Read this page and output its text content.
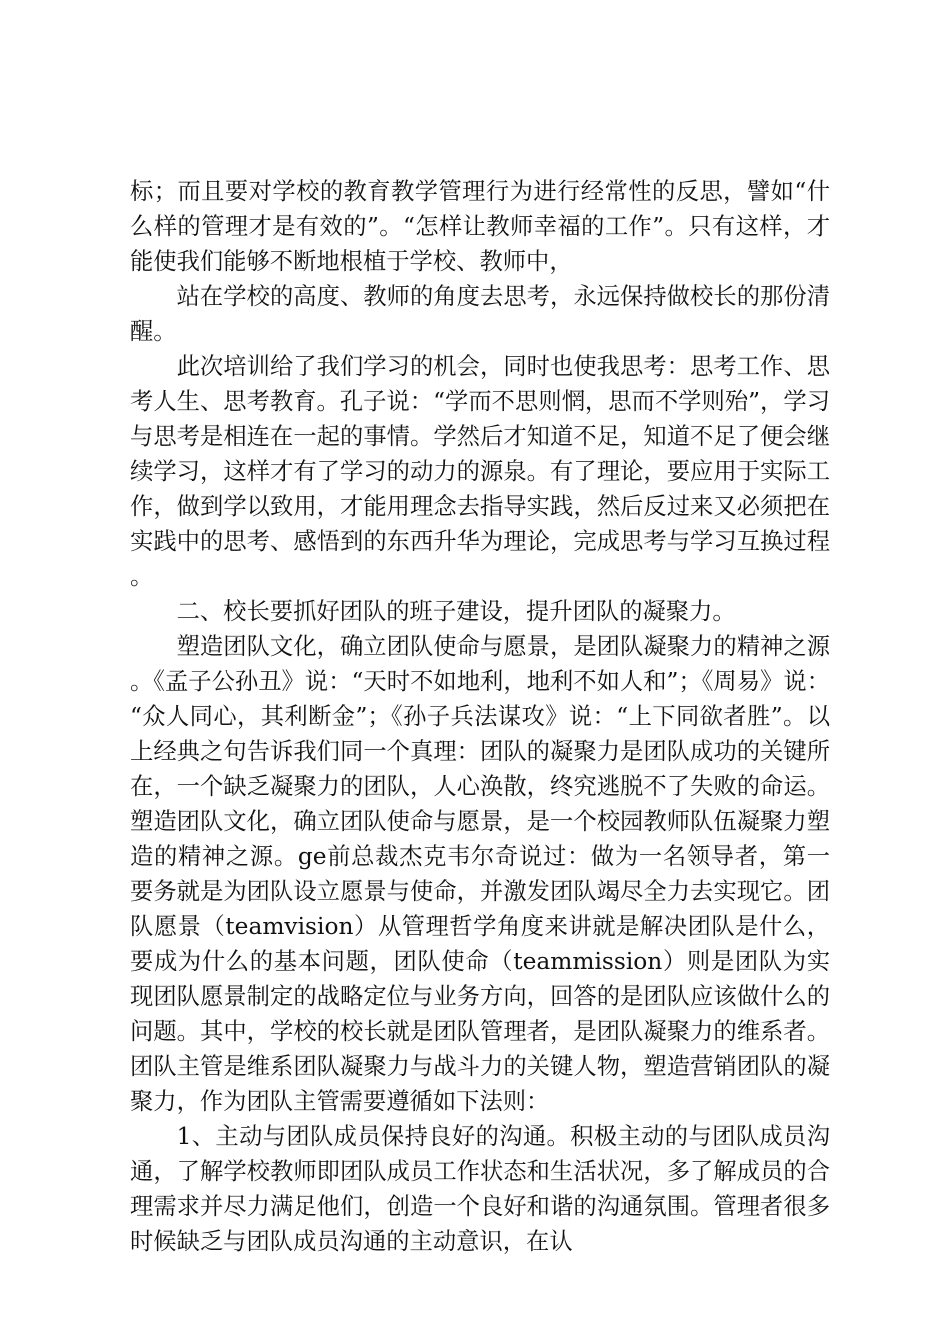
标；而且要对学校的教育教学管理行为进行经常性的反思，譬如“什么样的管理才是有效的”。“怎样让教师幸福的工作”。只有这样，才能使我们能够不断地根植于学校、教师中，

站在学校的高度、教师的角度去思考，永远保持做校长的那份清醒。

此次培训给了我们学习的机会，同时也使我思考：思考工作、思考人生、思考教育。孔子说：“学而不思则惘，思而不学则殆”，学习与思考是相连在一起的事情。学然后才知道不足，知道不足了便会继续学习，这样才有了学习的动力的源泉。有了理论，要应用于实际工作，做到学以致用，才能用理念去指导实践，然后反过来又必须把在实践中的思考、感悟到的东西升华为理论，完成思考与学习互换过程。

二、校长要抓好团队的班子建设，提升团队的凝聚力。

塑造团队文化，确立团队使命与愿景，是团队凝聚力的精神之源。《孟子公孙丑》说：“天时不如地利，地利不如人和”；《周易》说：“众人同心，其利断金”；《孙子兵法谋攻》说：“上下同欲者胜”。以上经典之句告诉我们同一个真理：团队的凝聚力是团队成功的关键所在，一个缺乏凝聚力的团队，人心涣散，终究逃脱不了失败的命运。塑造团队文化，确立团队使命与愿景，是一个校园教师队伍凝聚力塑造的精神之源。ge前总裁杰克韦尔奇说过：做为一名领导者，第一要务就是为团队设立愿景与使命，并激发团队竭尽全力去实现它。团队愿景（teamvision）从管理哲学角度来讲就是解决团队是什么，要成为什么的基本问题，团队使命（teammission）则是团队为实现团队愿景制定的战略定位与业务方向，回答的是团队应该做什么的问题。其中，学校的校长就是团队管理者，是团队凝聚力的维系者。团队主管是维系团队凝聚力与战斗力的关键人物，塑造营销团队的凝聚力，作为团队主管需要遵循如下法则：

1、主动与团队成员保持良好的沟通。积极主动的与团队成员沟通，了解学校教师即团队成员工作状态和生活状况，多了解成员的合理需求并尽力满足他们，创造一个良好和谐的沟通氛围。管理者很多时候缺乏与团队成员沟通的主动意识，在认
